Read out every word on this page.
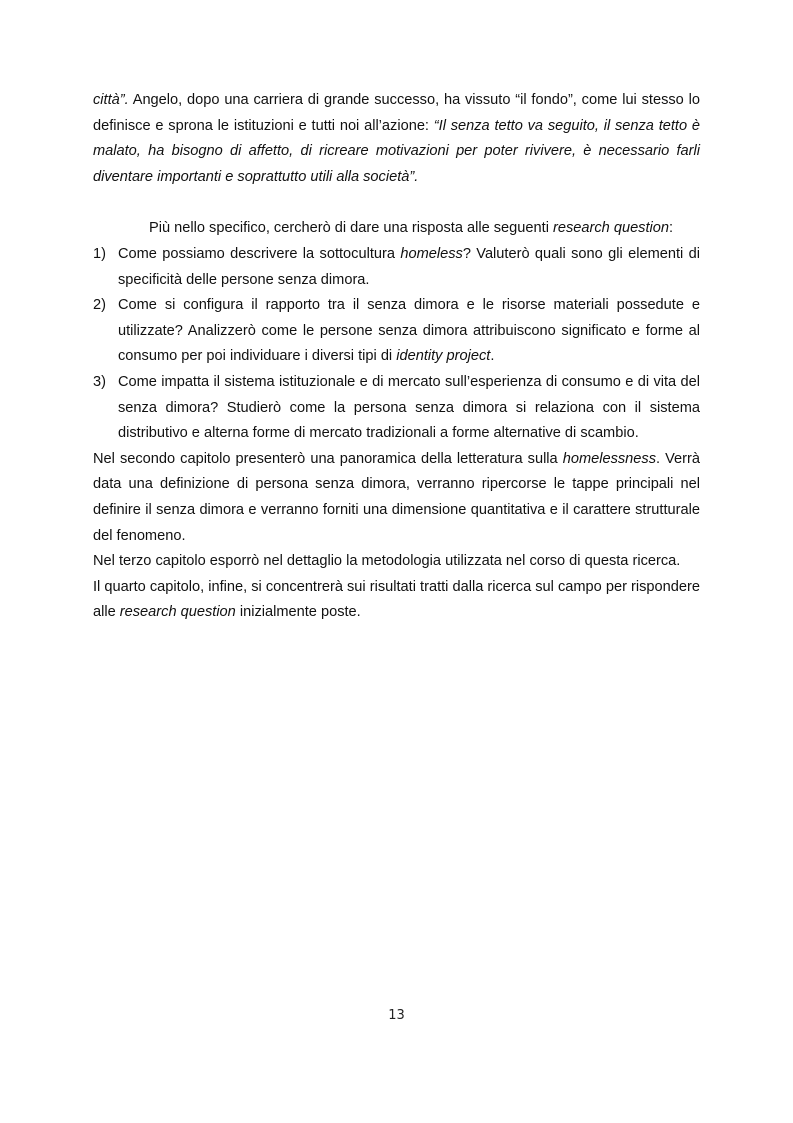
città”. Angelo, dopo una carriera di grande successo, ha vissuto “il fondo”, come lui stesso lo definisce e sprona le istituzioni e tutti noi all’azione: “Il senza tetto va seguito, il senza tetto è malato, ha bisogno di affetto, di ricreare motivazioni per poter rivivere, è necessario farli diventare importanti e soprattutto utili alla società”.

Più nello specifico, cercherò di dare una risposta alle seguenti research question:

1) Come possiamo descrivere la sottocultura homeless? Valuterò quali sono gli elementi di specificità delle persone senza dimora.
2) Come si configura il rapporto tra il senza dimora e le risorse materiali possedute e utilizzate? Analizzerò come le persone senza dimora attribuiscono significato e forme al consumo per poi individuare i diversi tipi di identity project.
3) Come impatta il sistema istituzionale e di mercato sull’esperienza di consumo e di vita del senza dimora? Studierò come la persona senza dimora si relaziona con il sistema distributivo e alterna forme di mercato tradizionali a forme alternative di scambio.

Nel secondo capitolo presenterò una panoramica della letteratura sulla homelessness. Verrà data una definizione di persona senza dimora, verranno ripercorse le tappe principali nel definire il senza dimora e verranno forniti una dimensione quantitativa e il carattere strutturale del fenomeno.

Nel terzo capitolo esporrò nel dettaglio la metodologia utilizzata nel corso di questa ricerca.

Il quarto capitolo, infine, si concentrerà sui risultati tratti dalla ricerca sul campo per rispondere alle research question inizialmente poste.

13
